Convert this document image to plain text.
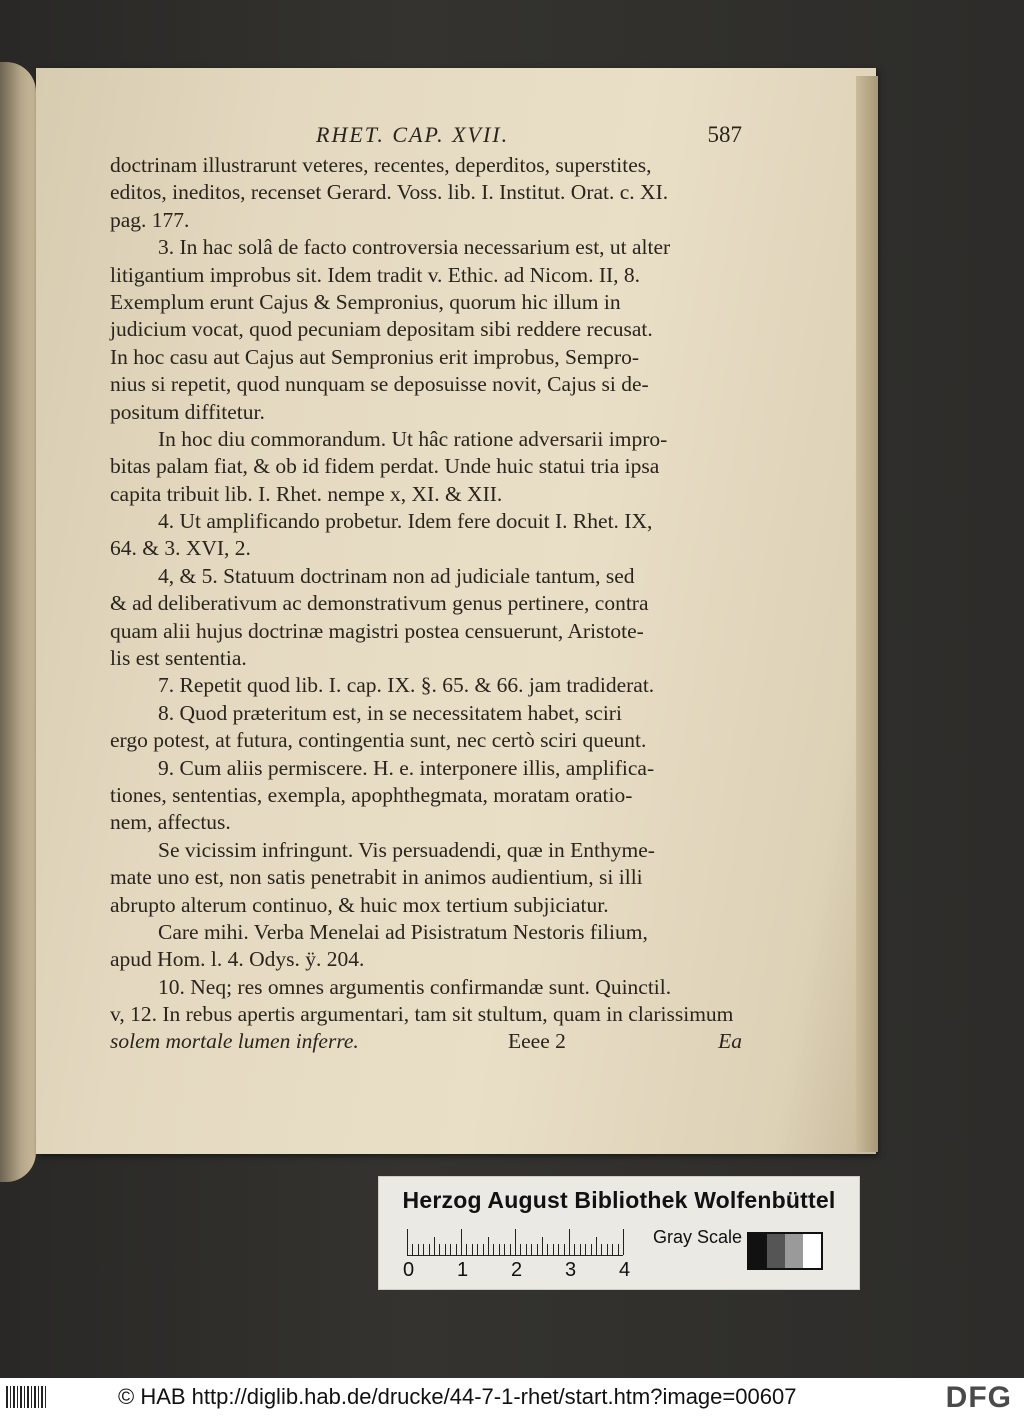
RHET. CAP. XVII.	587
doctrinam illustrarunt veteres, recentes, deperditos, superstites,
editos, ineditos, recenset Gerard. Voss. lib. I. Institut. Orat. c. XI.
pag. 177.
3. In hac solâ de facto controversia necessarium est, ut alter
litigantium improbus sit. Idem tradit v. Ethic. ad Nicom. II, 8.
Exemplum erunt Cajus & Sempronius, quorum hic illum in
judicium vocat, quod pecuniam depositam sibi reddere recusat.
In hoc casu aut Cajus aut Sempronius erit improbus, Sempro-
nius si repetit, quod nunquam se deposuisse novit, Cajus si de-
positum diffitetur.
In hoc diu commorandum. Ut hâc ratione adversarii impro-
bitas palam fiat, & ob id fidem perdat. Unde huic statui tria ipsa
capita tribuit lib. I. Rhet. nempe x, XI. & XII.
4. Ut amplificando probetur. Idem fere docuit I. Rhet. IX,
64. & 3. XVI, 2.
4, & 5. Statuum doctrinam non ad judiciale tantum, sed
& ad deliberativum ac demonstrativum genus pertinere, contra
quam alii hujus doctrinæ magistri postea censuerunt, Aristote-
lis est sententia.
7. Repetit quod lib. I. cap. IX. §. 65. & 66. jam tradiderat.
8. Quod præteritum est, in se necessitatem habet, sciri
ergo potest, at futura, contingentia sunt, nec certò sciri queunt.
9. Cum aliis permiscere. H. e. interponere illis, amplifica-
tiones, sententias, exempla, apophthegmata, moratam oratio-
nem, affectus.
Se vicissim infringunt. Vis persuadendi, quæ in Enthyme-
mate uno est, non satis penetrabit in animos audientium, si illi
abrupto alterum continuo, & huic mox tertium subjiciatur.
Care mihi. Verba Menelai ad Pisistratum Nestoris filium,
apud Hom. l. 4. Odys. ÿ. 204.
10. Neq; res omnes argumentis confirmandæ sunt. Quinctil.
v, 12. In rebus apertis argumentari, tam sit stultum, quam in clarissimum
solem mortale lumen inferre.	Eeee 2	Ea
Herzog August Bibliothek Wolfenbüttel
0 1 2 3 4
Gray Scale
© HAB http://diglib.hab.de/drucke/44-7-1-rhet/start.htm?image=00607	DFG
